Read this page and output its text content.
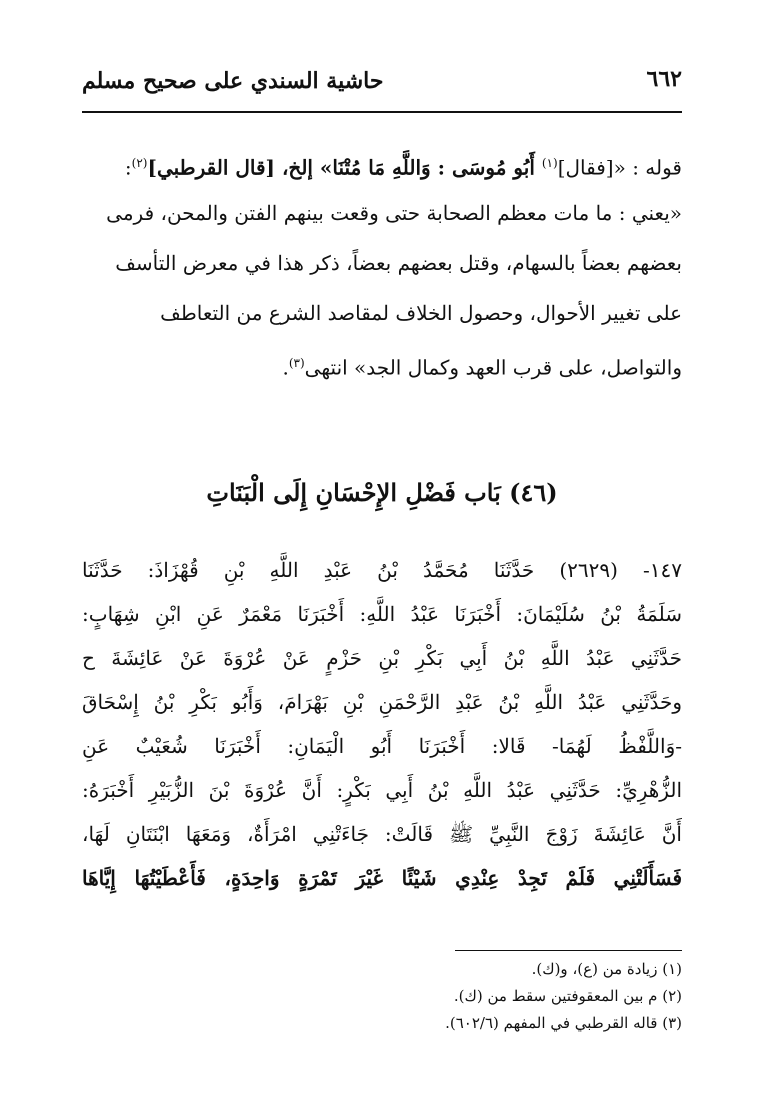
٦٦٢
حاشية السندي على صحيح مسلم
قوله : «[فقال]$^{(١)}$ أَبُو مُوسَى : وَاللَّهِ مَا مُتْنَا» إلخ، [قال القرطبي]$^{(٢)}$:
«يعني : ما مات معظم الصحابة حتى وقعت بينهم الفتن والمحن، فرمى
بعضهم بعضاً بالسهام، وقتل بعضهم بعضاً، ذكر هذا في معرض التأسف
على تغيير الأحوال، وحصول الخلاف لمقاصد الشرع من التعاطف
والتواصل، على قرب العهد وكمال الجد» انتهى$^{(٣)}$.
(٤٦) بَاب فَضْلِ الإِحْسَانِ إِلَى الْبَنَاتِ
١٤٧- (٢٦٢٩) حَدَّثَنَا مُحَمَّدُ بْنُ عَبْدِ اللَّهِ بْنِ قُهْزَاذَ: حَدَّثَنَا
سَلَمَةُ بْنُ سُلَيْمَانَ: أَخْبَرَنَا عَبْدُ اللَّهِ: أَخْبَرَنَا مَعْمَرٌ عَنِ ابْنِ شِهَابٍ:
حَدَّثَنِي عَبْدُ اللَّهِ بْنُ أَبِي بَكْرِ بْنِ حَزْمٍ عَنْ عُرْوَةَ عَنْ عَائِشَةَ ح
وحَدَّثَنِي عَبْدُ اللَّهِ بْنُ عَبْدِ الرَّحْمَنِ بْنِ بَهْرَامَ، وَأَبُو بَكْرِ بْنُ إِسْحَاقَ
-وَاللَّفْظُ لَهُمَا- قَالا: أَخْبَرَنَا أَبُو الْيَمَانِ: أَخْبَرَنَا شُعَيْبٌ عَنِ
الزُّهْرِيِّ: حَدَّثَنِي عَبْدُ اللَّهِ بْنُ أَبِي بَكْرٍ: أَنَّ عُرْوَةَ بْنَ الزُّبَيْرِ أَخْبَرَهُ:
أَنَّ عَائِشَةَ زَوْجَ النَّبِيِّ ﷺ قَالَتْ: جَاءَتْنِي امْرَأَةٌ، وَمَعَهَا ابْنَتَانِ لَهَا،
فَسَأَلَتْنِي فَلَمْ تَجِدْ عِنْدِي شَيْئًا غَيْرَ تَمْرَةٍ وَاحِدَةٍ، فَأَعْطَيْتُهَا إِيَّاهَا
(١) زيادة من (ع)، و(ك).
(٢) م بين المعقوفتين سقط من (ك).
(٣) قاله القرطبي في المفهم (٦٠٢/٦).
